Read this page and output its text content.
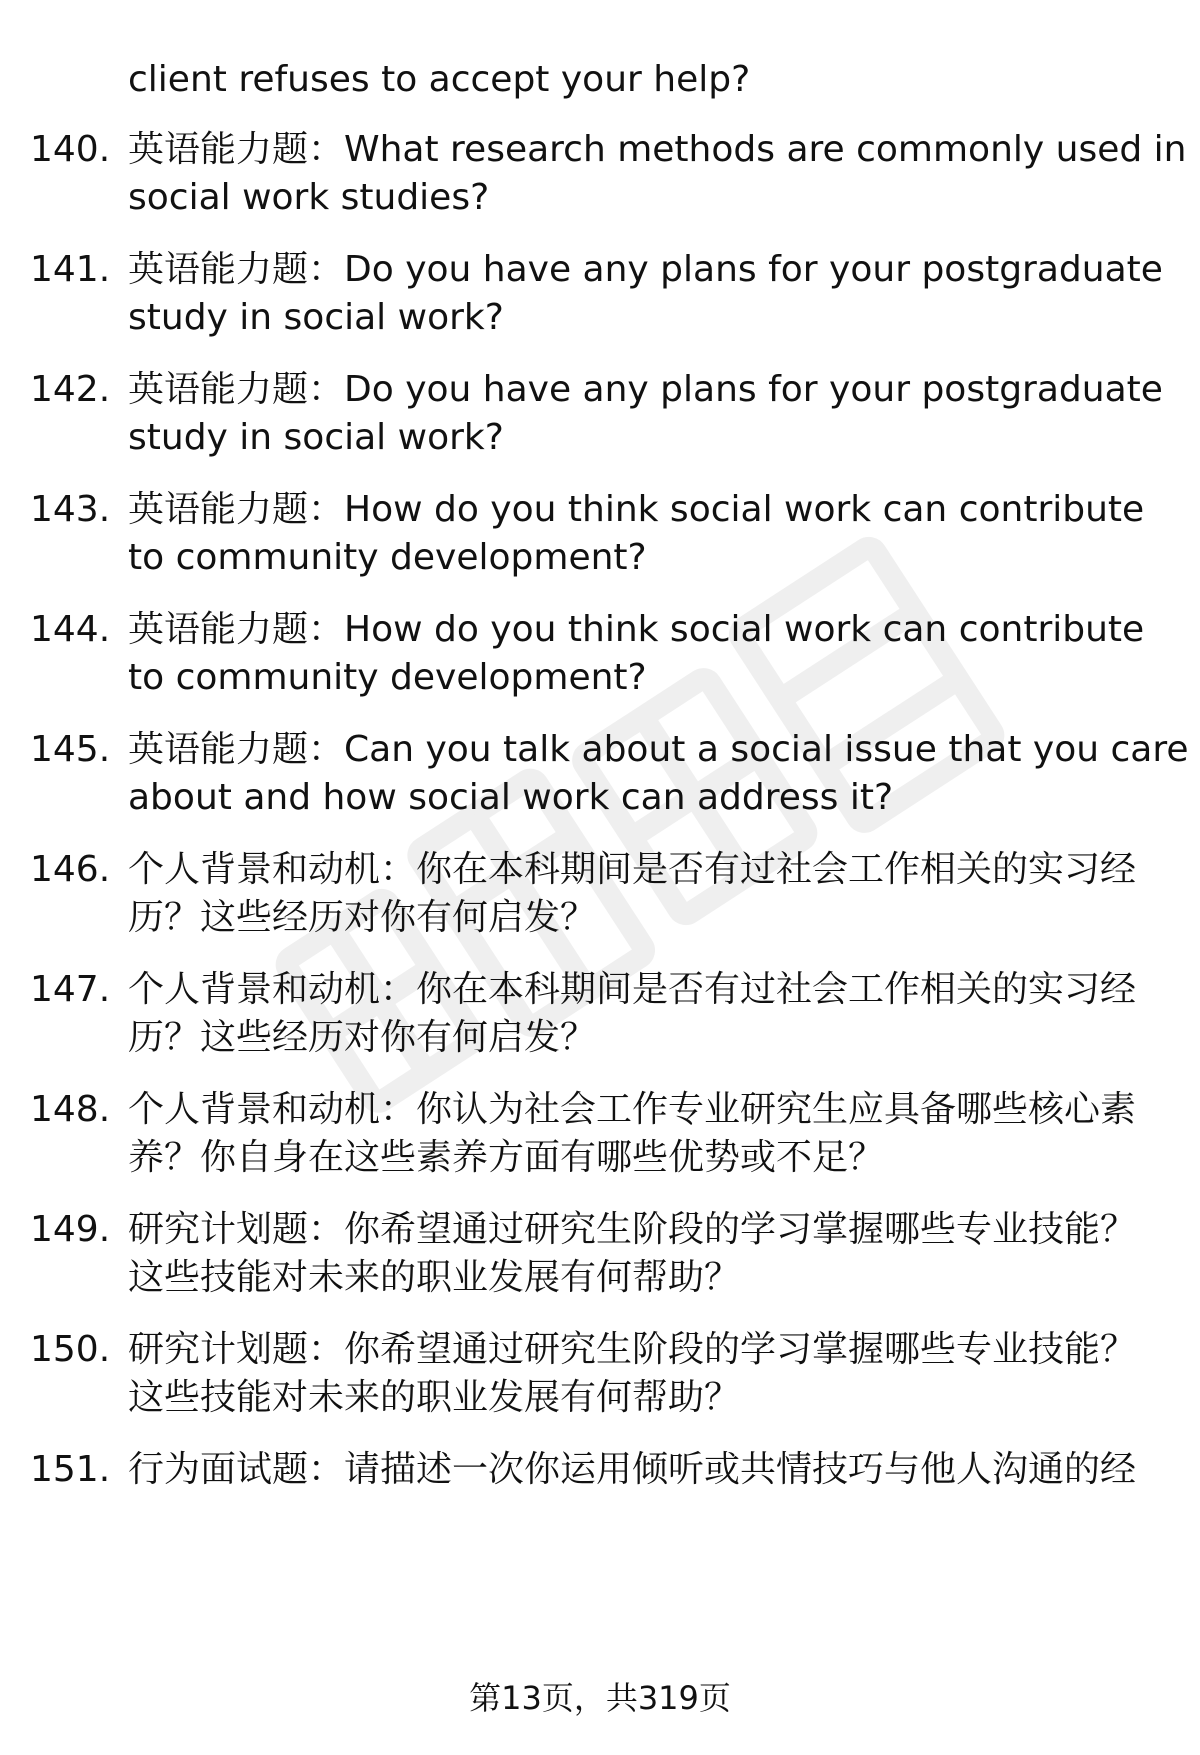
client refuses to accept your help?
140. 英语能力题：What research methods are commonly used in
social work studies?
141. 英语能力题：Do you have any plans for your postgraduate
study in social work?
142. 英语能力题：Do you have any plans for your postgraduate
study in social work?
143. 英语能力题：How do you think social work can contribute
to community development?
144. 英语能力题：How do you think social work can contribute
to community development?
145. 英语能力题：Can you talk about a social issue that you care
about and how social work can address it?
146. 个人背景和动机：你在本科期间是否有过社会工作相关的实习经
历？这些经历对你有何启发？
147. 个人背景和动机：你在本科期间是否有过社会工作相关的实习经
历？这些经历对你有何启发？
148. 个人背景和动机：你认为社会工作专业研究生应具备哪些核心素
养？你自身在这些素养方面有哪些优势或不足？
149. 研究计划题：你希望通过研究生阶段的学习掌握哪些专业技能？
这些技能对未来的职业发展有何帮助？
150. 研究计划题：你希望通过研究生阶段的学习掌握哪些专业技能？
这些技能对未来的职业发展有何帮助？
151. 行为面试题：请描述一次你运用倾听或共情技巧与他人沟通的经
第13页，共319页
